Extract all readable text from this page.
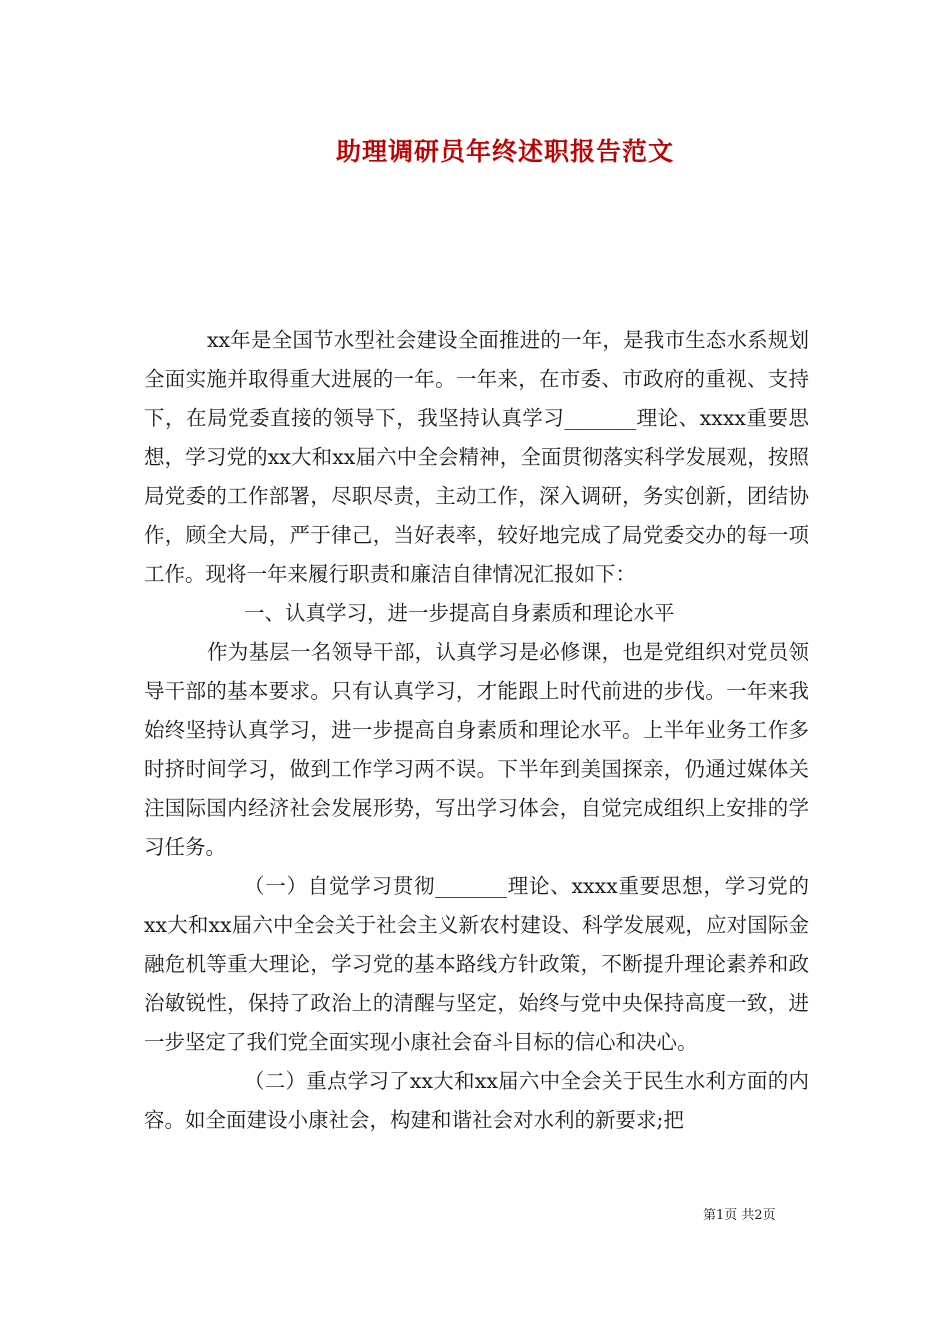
助理调研员年终述职报告范文

xx年是全国节水型社会建设全面推进的一年，是我市生态水系规划全面实施并取得重大进展的一年。一年来，在市委、市政府的重视、支持下，在局党委直接的领导下，我坚持认真学习_______理论、xxxx重要思想，学习党的xx大和xx届六中全会精神，全面贯彻落实科学发展观，按照局党委的工作部署，尽职尽责，主动工作，深入调研，务实创新，团结协作，顾全大局，严于律己，当好表率，较好地完成了局党委交办的每一项工作。现将一年来履行职责和廉洁自律情况汇报如下：

一、认真学习，进一步提高自身素质和理论水平

作为基层一名领导干部，认真学习是必修课，也是党组织对党员领导干部的基本要求。只有认真学习，才能跟上时代前进的步伐。一年来我始终坚持认真学习，进一步提高自身素质和理论水平。上半年业务工作多时挤时间学习，做到工作学习两不误。下半年到美国探亲，仍通过媒体关注国际国内经济社会发展形势，写出学习体会，自觉完成组织上安排的学习任务。

（一）自觉学习贯彻_______理论、xxxx重要思想，学习党的xx大和xx届六中全会关于社会主义新农村建设、科学发展观，应对国际金融危机等重大理论，学习党的基本路线方针政策，不断提升理论素养和政治敏锐性，保持了政治上的清醒与坚定，始终与党中央保持高度一致，进一步坚定了我们党全面实现小康社会奋斗目标的信心和决心。

（二）重点学习了xx大和xx届六中全会关于民生水利方面的内容。如全面建设小康社会，构建和谐社会对水利的新要求;把

第1页 共2页
